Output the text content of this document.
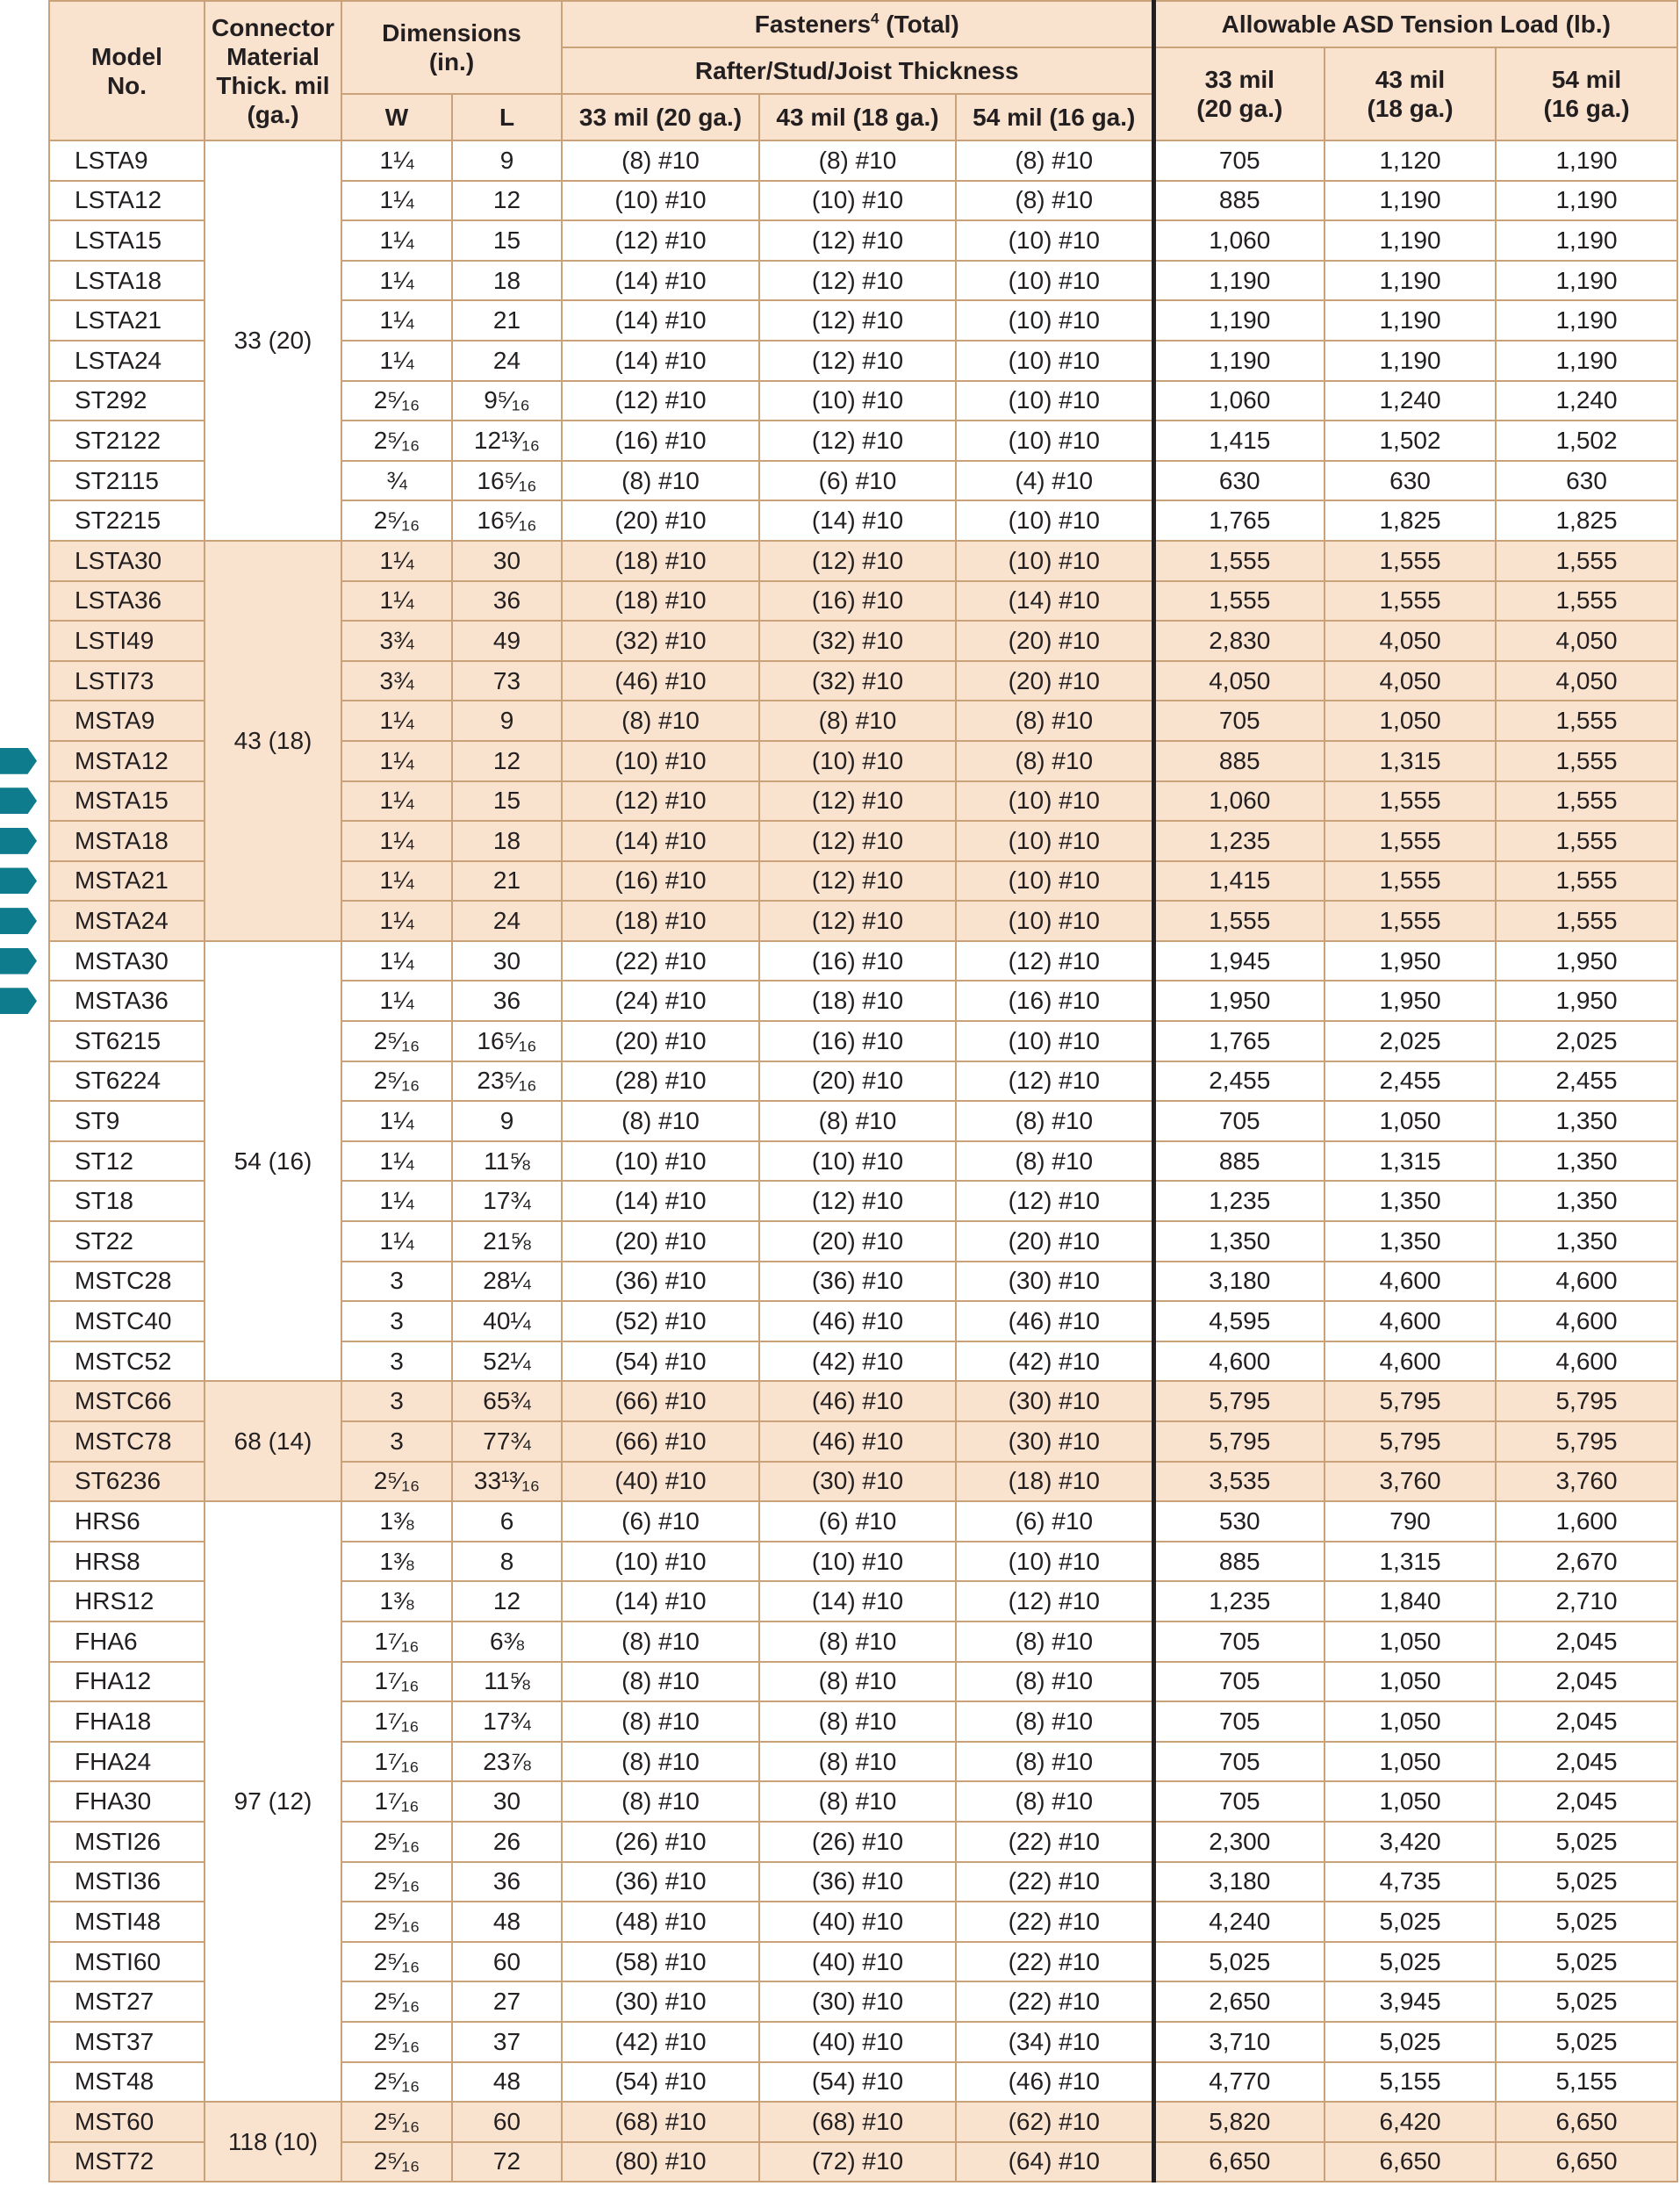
Model No.	Connector Material Thick. mil (ga.)	Dimensions (in.)		Fasteners$^4$ (Total)			Allowable ASD Tension Load (lb.)		
				Rafter/Stud/Joist Thickness			33 mil (20 ga.)	43 mil (18 ga.)	54 mil (16 ga.)
		W	L	33 mil (20 ga.)	43 mil (18 ga.)	54 mil (16 ga.)			
LSTA9	33 (20)	1¼	9	(8) #10	(8) #10	(8) #10	705	1,120	1,190
LSTA12		1¼	12	(10) #10	(10) #10	(8) #10	885	1,190	1,190
LSTA15		1¼	15	(12) #10	(12) #10	(10) #10	1,060	1,190	1,190
LSTA18		1¼	18	(14) #10	(12) #10	(10) #10	1,190	1,190	1,190
LSTA21		1¼	21	(14) #10	(12) #10	(10) #10	1,190	1,190	1,190
LSTA24		1¼	24	(14) #10	(12) #10	(10) #10	1,190	1,190	1,190
ST292		2⁵⁄₁₆	9⁵⁄₁₆	(12) #10	(10) #10	(10) #10	1,060	1,240	1,240
ST2122		2⁵⁄₁₆	12¹³⁄₁₆	(16) #10	(12) #10	(10) #10	1,415	1,502	1,502
ST2115		¾	16⁵⁄₁₆	(8) #10	(6) #10	(4) #10	630	630	630
ST2215		2⁵⁄₁₆	16⁵⁄₁₆	(20) #10	(14) #10	(10) #10	1,765	1,825	1,825
LSTA30	43 (18)	1¼	30	(18) #10	(12) #10	(10) #10	1,555	1,555	1,555
LSTA36		1¼	36	(18) #10	(16) #10	(14) #10	1,555	1,555	1,555
LSTI49		3¾	49	(32) #10	(32) #10	(20) #10	2,830	4,050	4,050
LSTI73		3¾	73	(46) #10	(32) #10	(20) #10	4,050	4,050	4,050
MSTA9		1¼	9	(8) #10	(8) #10	(8) #10	705	1,050	1,555
MSTA12		1¼	12	(10) #10	(10) #10	(8) #10	885	1,315	1,555
MSTA15		1¼	15	(12) #10	(12) #10	(10) #10	1,060	1,555	1,555
MSTA18		1¼	18	(14) #10	(12) #10	(10) #10	1,235	1,555	1,555
MSTA21		1¼	21	(16) #10	(12) #10	(10) #10	1,415	1,555	1,555
MSTA24		1¼	24	(18) #10	(12) #10	(10) #10	1,555	1,555	1,555
MSTA30	54 (16)	1¼	30	(22) #10	(16) #10	(12) #10	1,945	1,950	1,950
MSTA36		1¼	36	(24) #10	(18) #10	(16) #10	1,950	1,950	1,950
ST6215		2⁵⁄₁₆	16⁵⁄₁₆	(20) #10	(16) #10	(10) #10	1,765	2,025	2,025
ST6224		2⁵⁄₁₆	23⁵⁄₁₆	(28) #10	(20) #10	(12) #10	2,455	2,455	2,455
ST9		1¼	9	(8) #10	(8) #10	(8) #10	705	1,050	1,350
ST12		1¼	11⅝	(10) #10	(10) #10	(8) #10	885	1,315	1,350
ST18		1¼	17¾	(14) #10	(12) #10	(12) #10	1,235	1,350	1,350
ST22		1¼	21⅝	(20) #10	(20) #10	(20) #10	1,350	1,350	1,350
MSTC28		3	28¼	(36) #10	(36) #10	(30) #10	3,180	4,600	4,600
MSTC40		3	40¼	(52) #10	(46) #10	(46) #10	4,595	4,600	4,600
MSTC52		3	52¼	(54) #10	(42) #10	(42) #10	4,600	4,600	4,600
MSTC66	68 (14)	3	65¾	(66) #10	(46) #10	(30) #10	5,795	5,795	5,795
MSTC78		3	77¾	(66) #10	(46) #10	(30) #10	5,795	5,795	5,795
ST6236		2⁵⁄₁₆	33¹³⁄₁₆	(40) #10	(30) #10	(18) #10	3,535	3,760	3,760
HRS6	97 (12)	1⅜	6	(6) #10	(6) #10	(6) #10	530	790	1,600
HRS8		1⅜	8	(10) #10	(10) #10	(10) #10	885	1,315	2,670
HRS12		1⅜	12	(14) #10	(14) #10	(12) #10	1,235	1,840	2,710
FHA6		1⁷⁄₁₆	6⅜	(8) #10	(8) #10	(8) #10	705	1,050	2,045
FHA12		1⁷⁄₁₆	11⅝	(8) #10	(8) #10	(8) #10	705	1,050	2,045
FHA18		1⁷⁄₁₆	17¾	(8) #10	(8) #10	(8) #10	705	1,050	2,045
FHA24		1⁷⁄₁₆	23⅞	(8) #10	(8) #10	(8) #10	705	1,050	2,045
FHA30		1⁷⁄₁₆	30	(8) #10	(8) #10	(8) #10	705	1,050	2,045
MSTI26		2⁵⁄₁₆	26	(26) #10	(26) #10	(22) #10	2,300	3,420	5,025
MSTI36		2⁵⁄₁₆	36	(36) #10	(36) #10	(22) #10	3,180	4,735	5,025
MSTI48		2⁵⁄₁₆	48	(48) #10	(40) #10	(22) #10	4,240	5,025	5,025
MSTI60		2⁵⁄₁₆	60	(58) #10	(40) #10	(22) #10	5,025	5,025	5,025
MST27		2⁵⁄₁₆	27	(30) #10	(30) #10	(22) #10	2,650	3,945	5,025
MST37		2⁵⁄₁₆	37	(42) #10	(40) #10	(34) #10	3,710	5,025	5,025
MST48		2⁵⁄₁₆	48	(54) #10	(54) #10	(46) #10	4,770	5,155	5,155
MST60	118 (10)	2⁵⁄₁₆	60	(68) #10	(68) #10	(62) #10	5,820	6,420	6,650
MST72		2⁵⁄₁₆	72	(80) #10	(72) #10	(64) #10	6,650	6,650	6,650
